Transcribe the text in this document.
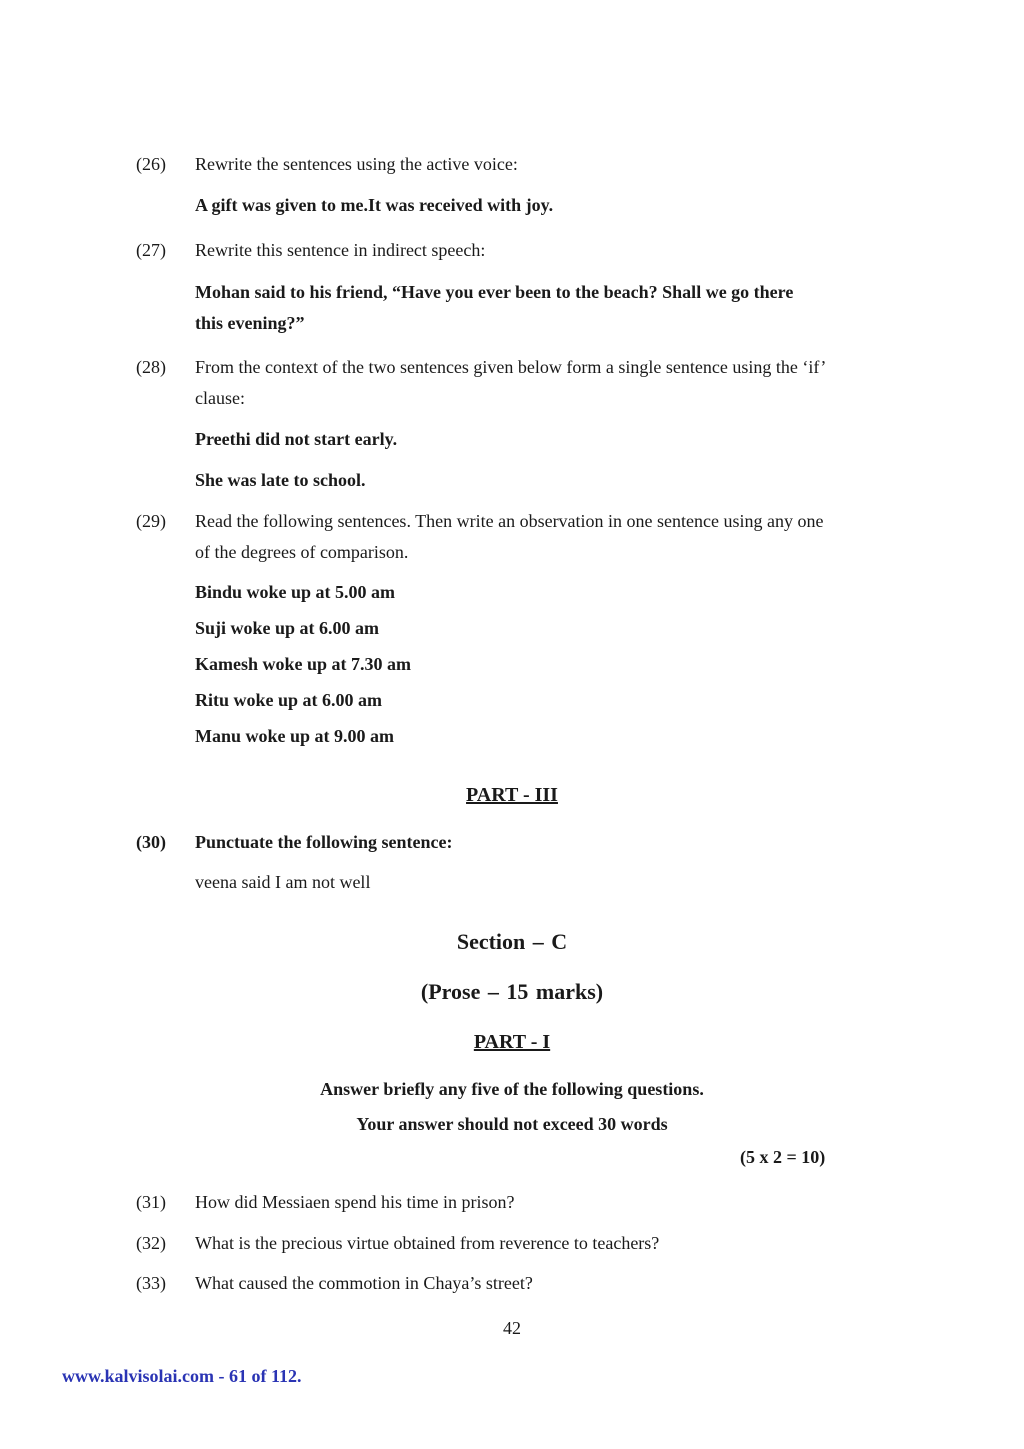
(26) Rewrite the sentences using the active voice:
A gift was given to me.It was received with joy.
(27) Rewrite this sentence in indirect speech:
Mohan said to his friend, “Have you ever been to the beach? Shall we go there
this evening?”
(28) From the context of the two sentences given below form a single sentence using the ‘if’
clause:
Preethi did not start early.
She was late to school.
(29) Read the following sentences. Then write an observation in one sentence using any one
of the degrees of comparison.
Bindu woke up at 5.00 am
Suji woke up at 6.00 am
Kamesh woke up at 7.30 am
Ritu woke up at 6.00 am
Manu woke up at 9.00 am
PART - III
(30) Punctuate the following sentence:
veena said I am not well
Section – C
(Prose – 15 marks)
PART - I
Answer briefly any five of the following questions.
Your answer should not exceed 30 words
(5 x 2 = 10)
(31) How did Messiaen spend his time in prison?
(32) What is the precious virtue obtained from reverence to teachers?
(33) What caused the commotion in Chaya’s street?
42
www.kalvisolai.com - 61 of 112.
